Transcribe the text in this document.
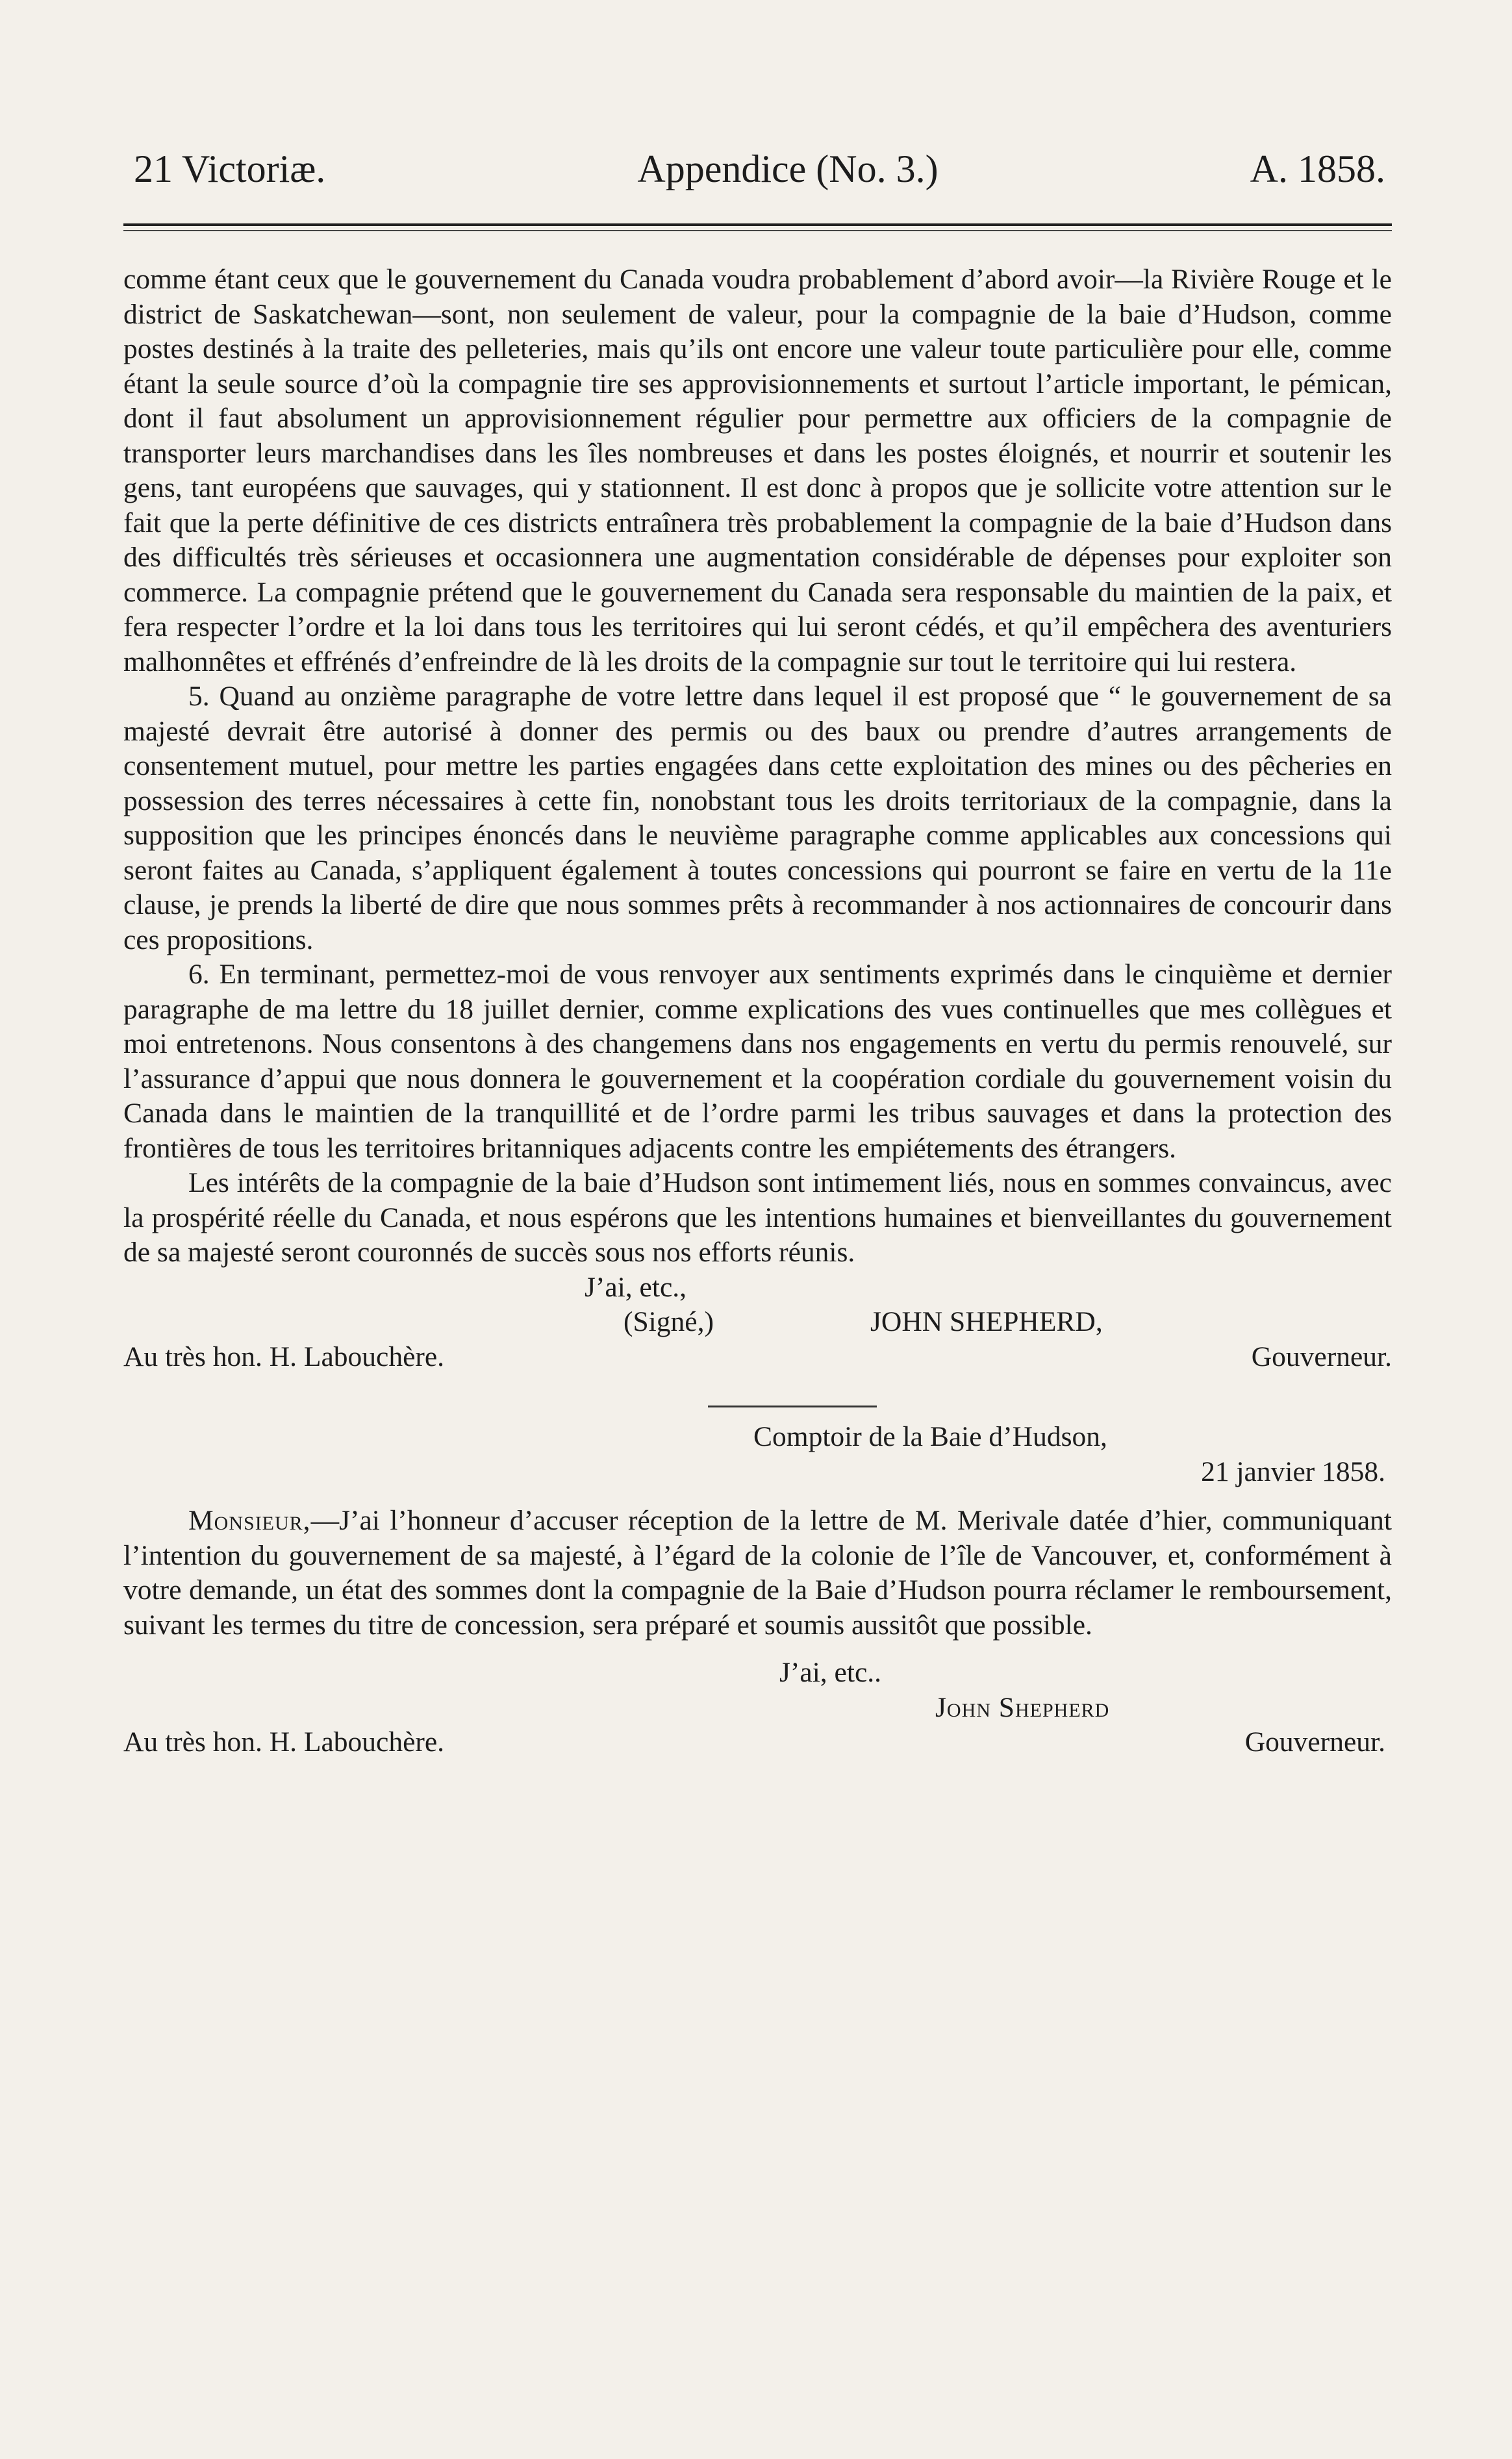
21 Victoriæ.	Appendice (No. 3.)	A. 1858.

comme étant ceux que le gouvernement du Canada voudra probablement d’abord avoir—la Rivière Rouge et le district de Saskatchewan—sont, non seulement de valeur, pour la compagnie de la baie d’Hudson, comme postes destinés à la traite des pelleteries, mais qu’ils ont encore une valeur toute particulière pour elle, comme étant la seule source d’où la compagnie tire ses approvisionnements et surtout l’article important, le pémican, dont il faut absolument un approvisionnement régulier pour permettre aux officiers de la compagnie de transporter leurs marchandises dans les îles nombreuses et dans les postes éloignés, et nourrir et soutenir les gens, tant européens que sauvages, qui y stationnent. Il est donc à propos que je sollicite votre attention sur le fait que la perte définitive de ces districts entraînera très probablement la compagnie de la baie d’Hudson dans des difficultés très sérieuses et occasionnera une augmentation considérable de dépenses pour exploiter son commerce. La compagnie prétend que le gouvernement du Canada sera responsable du maintien de la paix, et fera respecter l’ordre et la loi dans tous les territoires qui lui seront cédés, et qu’il empêchera des aventuriers malhonnêtes et effrénés d’enfreindre de là les droits de la compagnie sur tout le territoire qui lui restera.

5. Quand au onzième paragraphe de votre lettre dans lequel il est proposé que “ le gouvernement de sa majesté devrait être autorisé à donner des permis ou des baux ou prendre d’autres arrangements de consentement mutuel, pour mettre les parties engagées dans cette exploitation des mines ou des pêcheries en possession des terres nécessaires à cette fin, nonobstant tous les droits territoriaux de la compagnie, dans la supposition que les principes énoncés dans le neuvième paragraphe comme applicables aux concessions qui seront faites au Canada, s’appliquent également à toutes concessions qui pourront se faire en vertu de la 11e clause, je prends la liberté de dire que nous sommes prêts à recommander à nos actionnaires de concourir dans ces propositions.

6. En terminant, permettez-moi de vous renvoyer aux sentiments exprimés dans le cinquième et dernier paragraphe de ma lettre du 18 juillet dernier, comme explications des vues continuelles que mes collègues et moi entretenons. Nous consentons à des changemens dans nos engagements en vertu du permis renouvelé, sur l’assurance d’appui que nous donnera le gouvernement et la coopération cordiale du gouvernement voisin du Canada dans le maintien de la tranquillité et de l’ordre parmi les tribus sauvages et dans la protection des frontières de tous les territoires britanniques adjacents contre les empiétements des étrangers.

Les intérêts de la compagnie de la baie d’Hudson sont intimement liés, nous en sommes convaincus, avec la prospérité réelle du Canada, et nous espérons que les intentions humaines et bienveillantes du gouvernement de sa majesté seront couronnés de succès sous nos efforts réunis.

J’ai, etc.,
(Signé,)	JOHN SHEPHERD,
Au très hon. H. Labouchère.	Gouverneur.
Comptoir de la Baie d’Hudson,
21 janvier 1858.

Monsieur,—J’ai l’honneur d’accuser réception de la lettre de M. Merivale datée d’hier, communiquant l’intention du gouvernement de sa majesté, à l’égard de la colonie de l’île de Vancouver, et, conformément à votre demande, un état des sommes dont la compagnie de la Baie d’Hudson pourra réclamer le remboursement, suivant les termes du titre de concession, sera préparé et soumis aussitôt que possible.

J’ai, etc..
John Shepherd
Au très hon. H. Labouchère.	Gouverneur.
